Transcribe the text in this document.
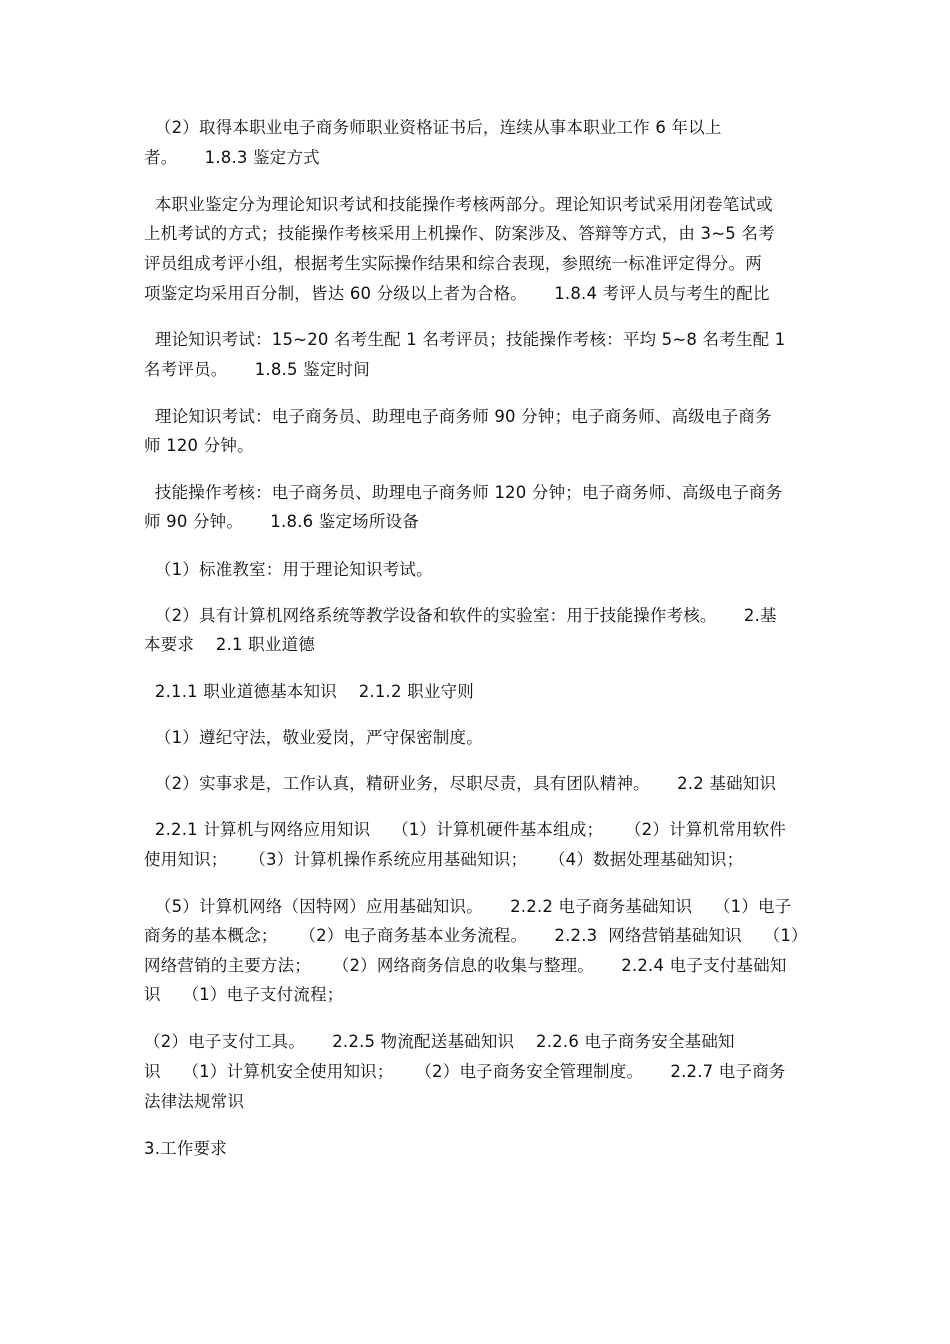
（2）取得本职业电子商务师职业资格证书后，连续从事本职业工作 6 年以上
者。     1.8.3 鉴定方式
本职业鉴定分为理论知识考试和技能操作考核两部分。理论知识考试采用闭卷笔试或
上机考试的方式；技能操作考核采用上机操作、防案涉及、答辩等方式，由 3~5 名考
评员组成考评小组，根据考生实际操作结果和综合表现，参照统一标准评定得分。两
项鉴定均采用百分制，皆达 60 分级以上者为合格。     1.8.4 考评人员与考生的配比
理论知识考试：15~20 名考生配 1 名考评员；技能操作考核：平均 5~8 名考生配 1
名考评员。     1.8.5 鉴定时间
理论知识考试：电子商务员、助理电子商务师 90 分钟；电子商务师、高级电子商务
师 120 分钟。
技能操作考核：电子商务员、助理电子商务师 120 分钟；电子商务师、高级电子商务
师 90 分钟。     1.8.6 鉴定场所设备
（1）标准教室：用于理论知识考试。
（2）具有计算机网络系统等教学设备和软件的实验室：用于技能操作考核。     2.基
本要求    2.1 职业道德
2.1.1 职业道德基本知识    2.1.2 职业守则
（1）遵纪守法，敬业爱岗，严守保密制度。
（2）实事求是，工作认真，精研业务，尽职尽责，具有团队精神。     2.2 基础知识
2.2.1 计算机与网络应用知识    （1）计算机硬件基本组成；    （2）计算机常用软件
使用知识；    （3）计算机操作系统应用基础知识；    （4）数据处理基础知识；
（5）计算机网络（因特网）应用基础知识。     2.2.2 电子商务基础知识    （1）电子
商务的基本概念；    （2）电子商务基本业务流程。     2.2.3  网络营销基础知识    （1）
网络营销的主要方法；    （2）网络商务信息的收集与整理。     2.2.4 电子支付基础知
识    （1）电子支付流程；
（2）电子支付工具。     2.2.5 物流配送基础知识    2.2.6 电子商务安全基础知
识    （1）计算机安全使用知识；    （2）电子商务安全管理制度。     2.2.7 电子商务
法律法规常识
3.工作要求
